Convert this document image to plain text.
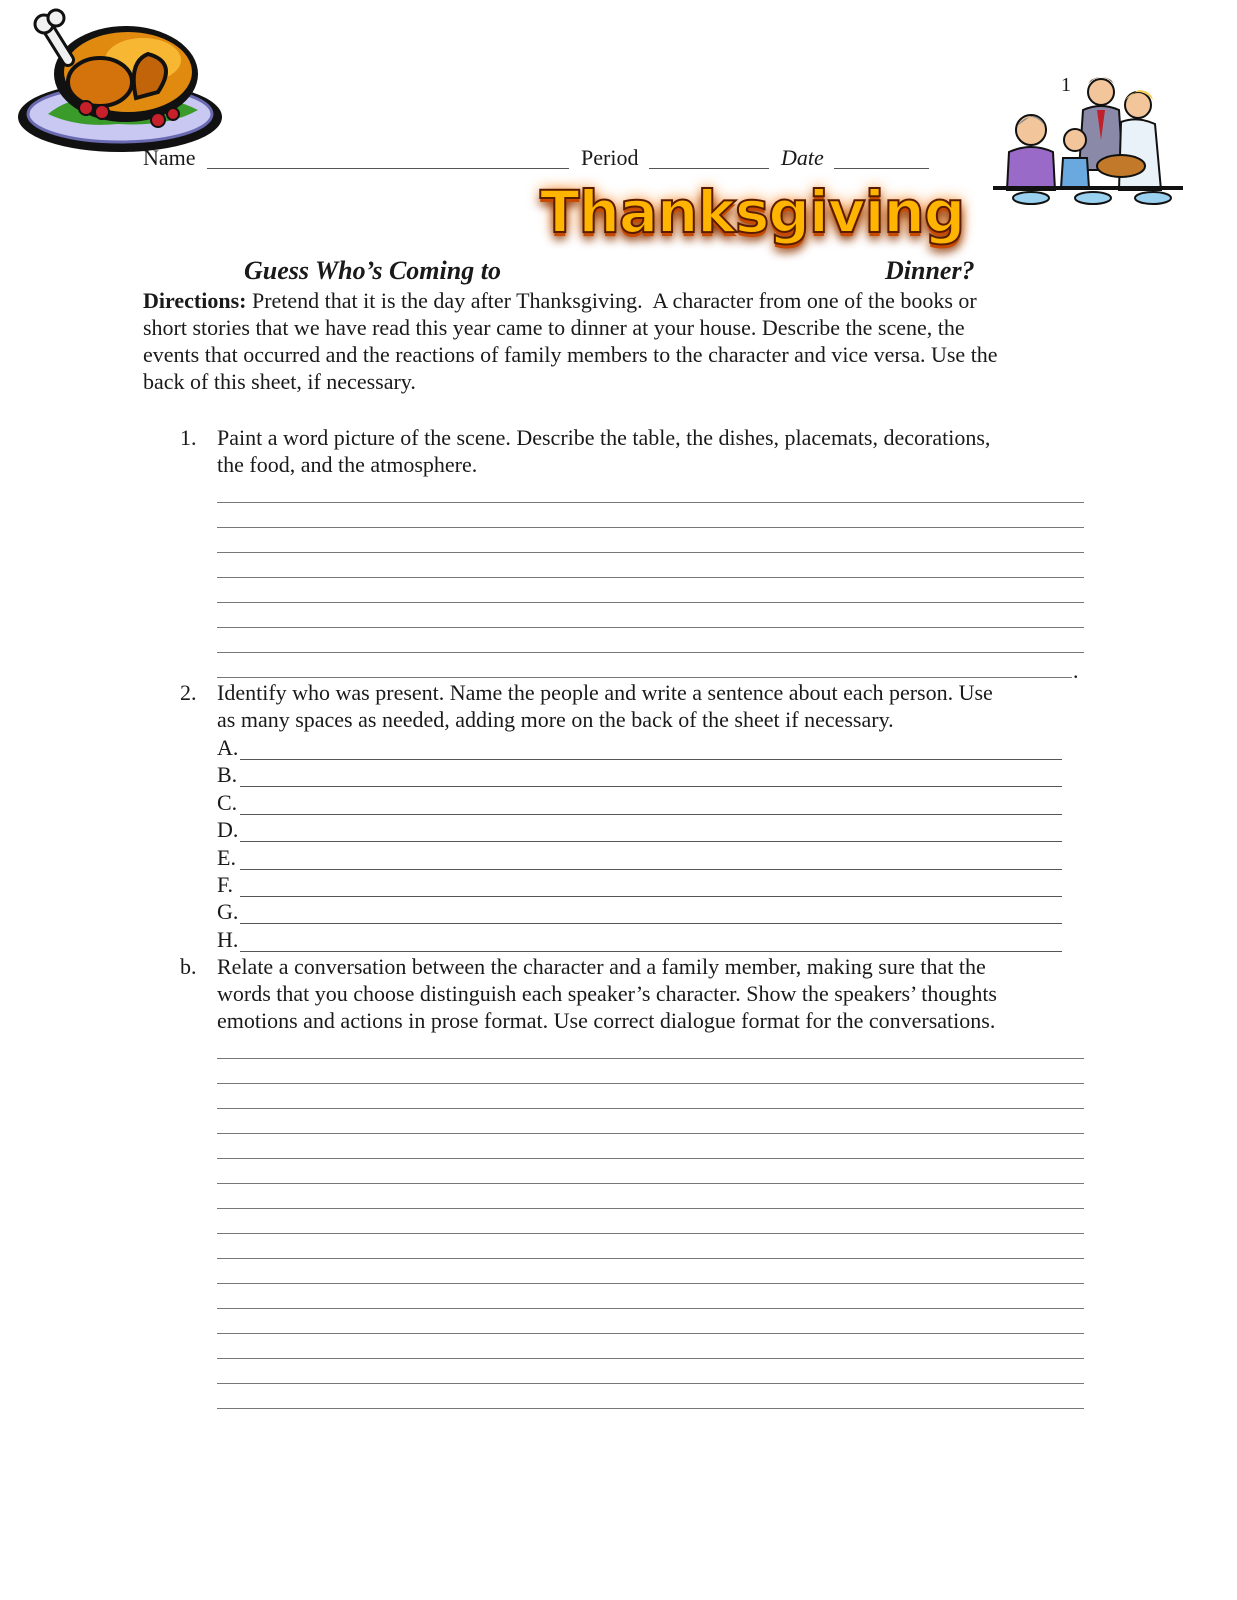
1
Name	Period	Date
Thanksgiving
Guess Who’s Coming to	Dinner?
Directions: Pretend that it is the day after Thanksgiving.  A character from one of the books or
short stories that we have read this year came to dinner at your house. Describe the scene, the
events that occurred and the reactions of family members to the character and vice versa. Use the
back of this sheet, if necessary.
1. Paint a word picture of the scene. Describe the table, the dishes, placemats, decorations,
the food, and the atmosphere.
.
2. Identify who was present. Name the people and write a sentence about each person. Use
as many spaces as needed, adding more on the back of the sheet if necessary.
A.
B.
C.
D.
E.
F.
G.
H.
b. Relate a conversation between the character and a family member, making sure that the
words that you choose distinguish each speaker’s character. Show the speakers’ thoughts
emotions and actions in prose format. Use correct dialogue format for the conversations.
